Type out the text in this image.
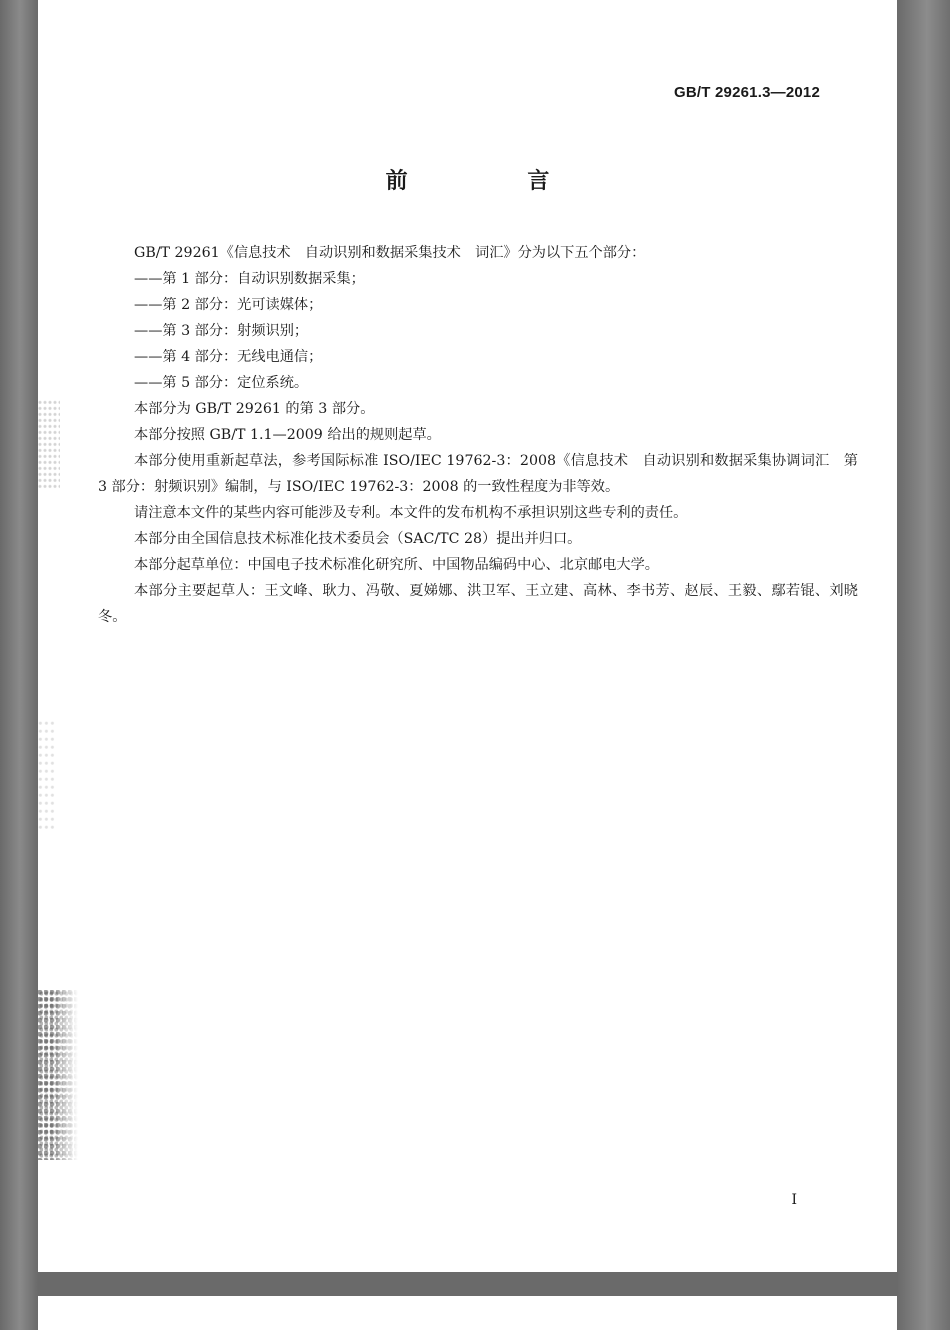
GB/T 29261.3—2012
前 言

GB/T 29261《信息技术　自动识别和数据采集技术　词汇》分为以下五个部分：

——第 1 部分：自动识别数据采集；

——第 2 部分：光可读媒体；

——第 3 部分：射频识别；

——第 4 部分：无线电通信；

——第 5 部分：定位系统。

本部分为 GB/T 29261 的第 3 部分。

本部分按照 GB/T 1.1—2009 给出的规则起草。

本部分使用重新起草法，参考国际标准 ISO/IEC 19762-3：2008《信息技术　自动识别和数据采集协调词汇　第 3 部分：射频识别》编制，与 ISO/IEC 19762-3：2008 的一致性程度为非等效。

请注意本文件的某些内容可能涉及专利。本文件的发布机构不承担识别这些专利的责任。

本部分由全国信息技术标准化技术委员会（SAC/TC 28）提出并归口。

本部分起草单位：中国电子技术标准化研究所、中国物品编码中心、北京邮电大学。

本部分主要起草人：王文峰、耿力、冯敬、夏娣娜、洪卫军、王立建、高林、李书芳、赵辰、王毅、鄢若锟、刘晓冬。

I
